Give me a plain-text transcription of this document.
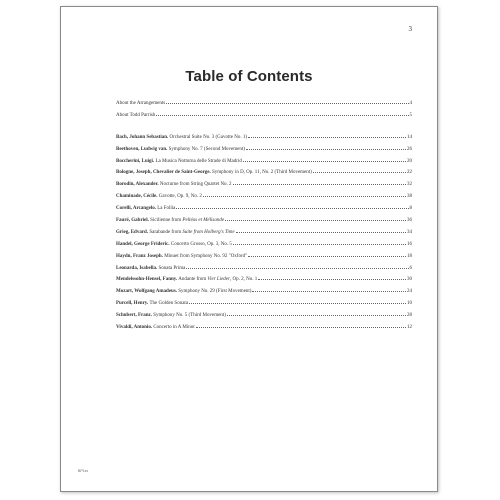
3
Table of Contents
About the Arrangements	4
About Todd Parrish	5
Bach, Johann Sebastian. Orchestral Suite No. 3 (Gavotte No. 1)	14
Beethoven, Ludwig van. Symphony No. 7 (Second Movement)	26
Boccherini, Luigi. La Musica Notturna delle Strade di Madrid	20
Bologne, Joseph, Chevalier de Saint-George. Symphony in D, Op. 11, No. 2 (Third Movement)	22
Borodin, Alexander. Nocturne from String Quartet No. 2	32
Chaminade, Cécile. Gavotte, Op. 9, No. 2	38
Corelli, Arcangelo. La Follia	8
Fauré, Gabriel. Sicilienne from Pelléas et Mélisande	36
Grieg, Edvard. Sarabande from Suite from Holberg's Time	34
Handel, George Frideric. Concerto Grosso, Op. 3, No. 5	16
Haydn, Franz Joseph. Minuet from Symphony No. 92 "Oxford"	18
Leonarda, Isabella. Sonata Prima	6
Mendelssohn-Hensel, Fanny. Andante from Vier Lieder, Op. 2, No. 1	30
Mozart, Wolfgang Amadeus. Symphony No. 29 (First Movement)	24
Purcell, Henry. The Golden Sonata	10
Schubert, Franz. Symphony No. 5 (Third Movement)	28
Vivaldi, Antonio. Concerto in A Minor	12
BP1xx
